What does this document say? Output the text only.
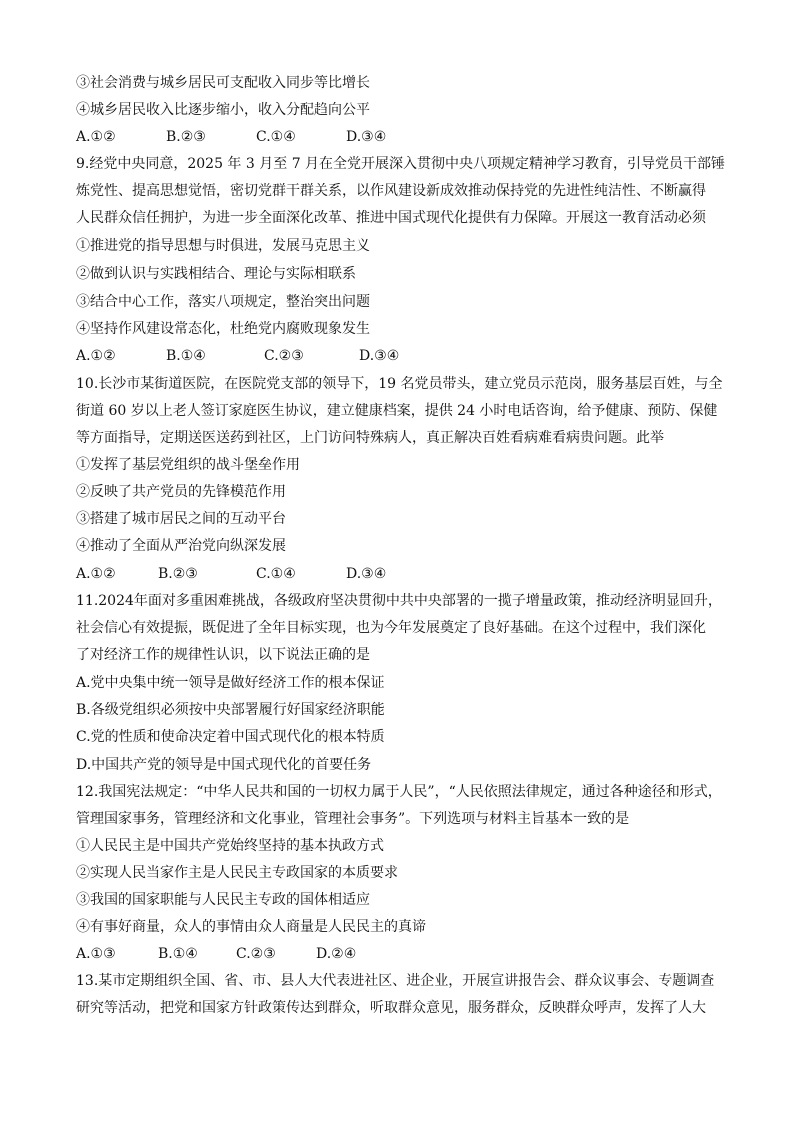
③社会消费与城乡居民可支配收入同步等比增长
④城乡居民收入比逐步缩小，收入分配趋向公平
A.①②	B.②③	C.①④	D.③④
9.经党中央同意，2025 年 3 月至 7 月在全党开展深入贯彻中央八项规定精神学习教育，引导党员干部锤
炼党性、提高思想觉悟，密切党群干群关系，以作风建设新成效推动保持党的先进性纯洁性、不断赢得
人民群众信任拥护，为进一步全面深化改革、推进中国式现代化提供有力保障。开展这一教育活动必须
①推进党的指导思想与时俱进，发展马克思主义
②做到认识与实践相结合、理论与实际相联系
③结合中心工作，落实八项规定，整治突出问题
④坚持作风建设常态化，杜绝党内腐败现象发生
A.①②	B.①④	C.②③	D.③④
10.长沙市某街道医院，在医院党支部的领导下，19 名党员带头，建立党员示范岗，服务基层百姓，与全
街道 60 岁以上老人签订家庭医生协议，建立健康档案，提供 24 小时电话咨询，给予健康、预防、保健
等方面指导，定期送医送药到社区，上门访问特殊病人，真正解决百姓看病难看病贵问题。此举
①发挥了基层党组织的战斗堡垒作用
②反映了共产党员的先锋模范作用
③搭建了城市居民之间的互动平台
④推动了全面从严治党向纵深发展
A.①②	B.②③	C.①④	D.③④
11.2024年面对多重困难挑战，各级政府坚决贯彻中共中央部署的一揽子增量政策，推动经济明显回升，
社会信心有效提振，既促进了全年目标实现，也为今年发展奠定了良好基础。在这个过程中，我们深化
了对经济工作的规律性认识，以下说法正确的是
A.党中央集中统一领导是做好经济工作的根本保证
B.各级党组织必须按中央部署履行好国家经济职能
C.党的性质和使命决定着中国式现代化的根本特质
D.中国共产党的领导是中国式现代化的首要任务
12.我国宪法规定：“中华人民共和国的一切权力属于人民”，“人民依照法律规定，通过各种途径和形式，
管理国家事务，管理经济和文化事业，管理社会事务”。下列选项与材料主旨基本一致的是
①人民民主是中国共产党始终坚持的基本执政方式
②实现人民当家作主是人民民主专政国家的本质要求
③我国的国家职能与人民民主专政的国体相适应
④有事好商量，众人的事情由众人商量是人民民主的真谛
A.①③	B.①④	C.②③	D.②④
13.某市定期组织全国、省、市、县人大代表进社区、进企业，开展宣讲报告会、群众议事会、专题调查
研究等活动，把党和国家方针政策传达到群众，听取群众意见，服务群众，反映群众呼声，发挥了人大
